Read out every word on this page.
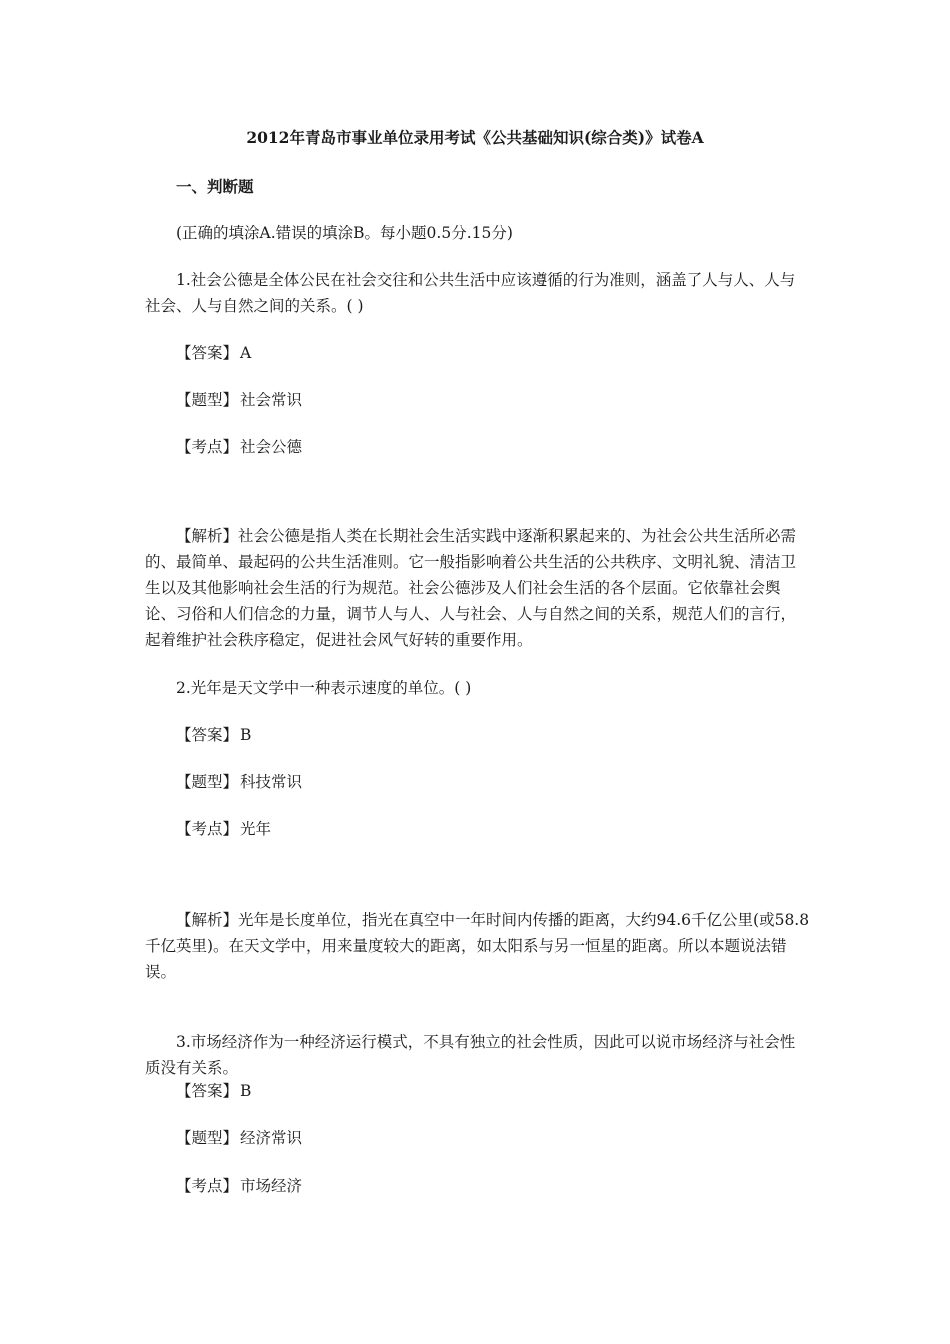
2012年青岛市事业单位录用考试《公共基础知识(综合类)》试卷A
一、判断题
(正确的填涂A.错误的填涂B。每小题0.5分.15分)
1.社会公德是全体公民在社会交往和公共生活中应该遵循的行为准则，涵盖了人与人、人与社会、人与自然之间的关系。( )
【答案】 A
【题型】 社会常识
【考点】 社会公德
【解析】社会公德是指人类在长期社会生活实践中逐渐积累起来的、为社会公共生活所必需的、最简单、最起码的公共生活准则。它一般指影响着公共生活的公共秩序、文明礼貌、清洁卫生以及其他影响社会生活的行为规范。社会公德涉及人们社会生活的各个层面。它依靠社会舆论、习俗和人们信念的力量，调节人与人、人与社会、人与自然之间的关系，规范人们的言行，起着维护社会秩序稳定，促进社会风气好转的重要作用。
2.光年是天文学中一种表示速度的单位。( )
【答案】 B
【题型】 科技常识
【考点】 光年
【解析】光年是长度单位，指光在真空中一年时间内传播的距离，大约94.6千亿公里(或58.8千亿英里)。在天文学中，用来量度较大的距离，如太阳系与另一恒星的距离。所以本题说法错误。
3.市场经济作为一种经济运行模式，不具有独立的社会性质，因此可以说市场经济与社会性质没有关系。
【答案】 B
【题型】 经济常识
【考点】 市场经济
